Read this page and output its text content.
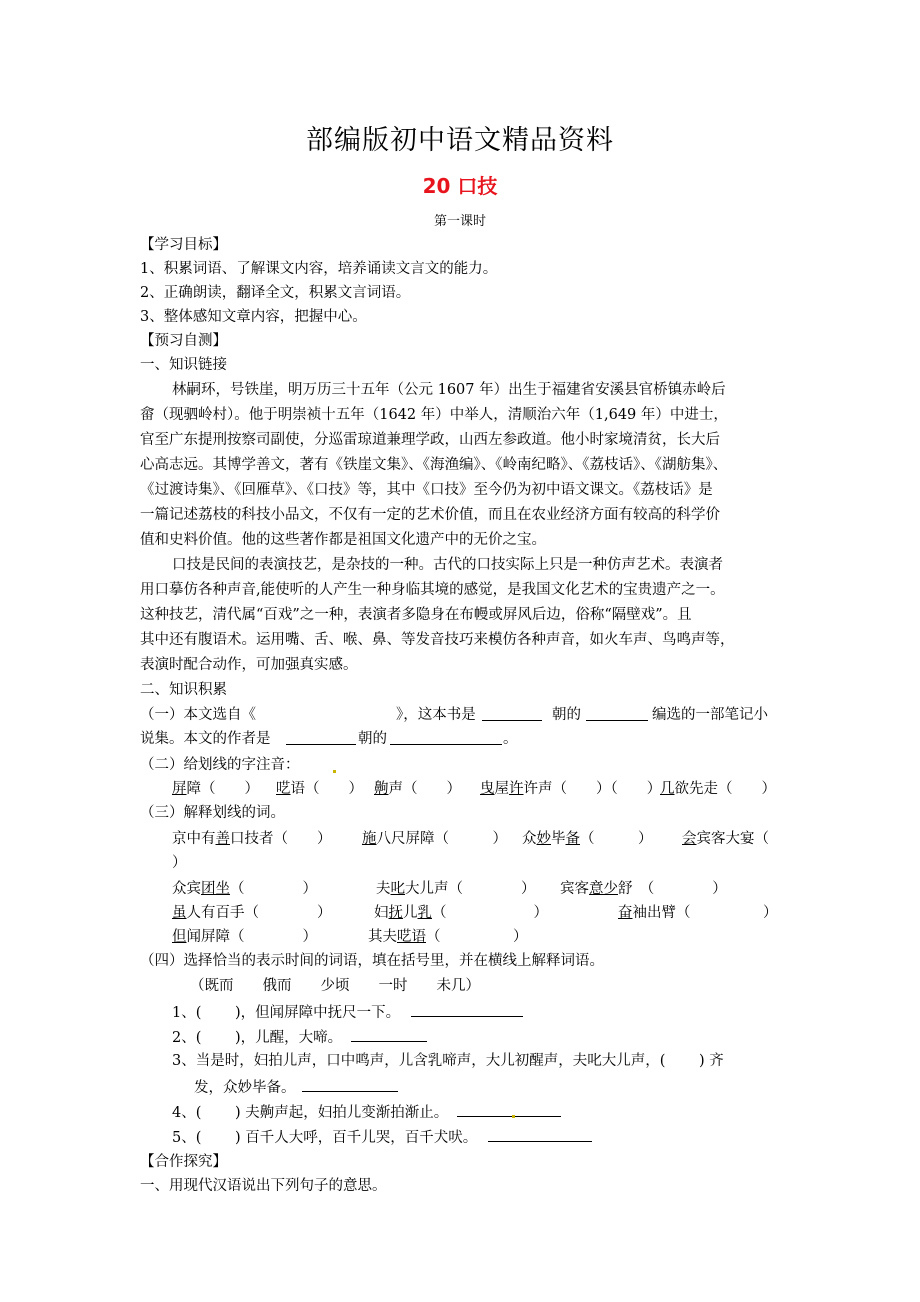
部编版初中语文精品资料
20 口技
第一课时
【学习目标】
1、积累词语、了解课文内容，培养诵读文言文的能力。
2、正确朗读，翻译全文，积累文言词语。
3、整体感知文章内容，把握中心。
【预习自测】
一、知识链接
林嗣环，号铁崖，明万历三十五年（公元 1607 年）出生于福建省安溪县官桥镇赤岭后
畲（现驷岭村）。他于明崇祯十五年（1642 年）中举人，清顺治六年（1,649 年）中进士，
官至广东提刑按察司副使，分巡雷琼道兼理学政，山西左参政道。他小时家境清贫，长大后
心高志远。其博学善文，著有《铁崖文集》、《海渔编》、《岭南纪略》、《荔枝话》、《湖舫集》、
《过渡诗集》、《回雁草》、《口技》等，其中《口技》至今仍为初中语文课文。《荔枝话》是
一篇记述荔枝的科技小品文，不仅有一定的艺术价值，而且在农业经济方面有较高的科学价
值和史料价值。他的这些著作都是祖国文化遗产中的无价之宝。
口技是民间的表演技艺，是杂技的一种。古代的口技实际上只是一种仿声艺术。表演者
用口摹仿各种声音,能使听的人产生一种身临其境的感觉，是我国文化艺术的宝贵遗产之一。
这种技艺，清代属“百戏”之一种，表演者多隐身在布幔或屏风后边，俗称“隔壁戏”。且
其中还有腹语术。运用嘴、舌、喉、鼻、等发音技巧来模仿各种声音，如火车声、鸟鸣声等，
表演时配合动作，可加强真实感。
二、知识积累
（一）本文选自《	》，这本书是	朝的	编选的一部笔记小
说集。本文的作者是	朝的	。
（二）给划线的字注音：
屏障（　　） 呓语（　　） 齁声（　　） 曳屋许许声（　　）（　　）
几欲先走（　　）
（三）解释划线的词。
京中有善口技者（　　） 施八尺屏障（　　　） 众妙毕备（　　　） 会宾客大宴（
）
众宾团坐（　　　　）	夫叱大儿声（　　　　） 宾客意少舒　（　　　　）
虽人有百手（　　　　）	妇抚儿乳（　　　　　　）	奋袖出臂（　　　　　）
但闻屏障（　　　　）	其夫呓语（　　　　　）
（四）选择恰当的表示时间的词语，填在括号里，并在横线上解释词语。
（既而　　俄而　　少顷　　一时　　未几）
1、(　　 )，但闻屏障中抚尺一下。
2、(　　 )，儿醒，大啼。
3、当是时，妇拍儿声，口中鸣声，儿含乳啼声，大儿初醒声，夫叱大儿声，(　　 ) 齐
发，众妙毕备。
4、(　　 ) 夫齁声起，妇拍儿变渐拍渐止。
5、(　　 ) 百千人大呼，百千儿哭，百千犬吠。
【合作探究】
一、用现代汉语说出下列句子的意思。
